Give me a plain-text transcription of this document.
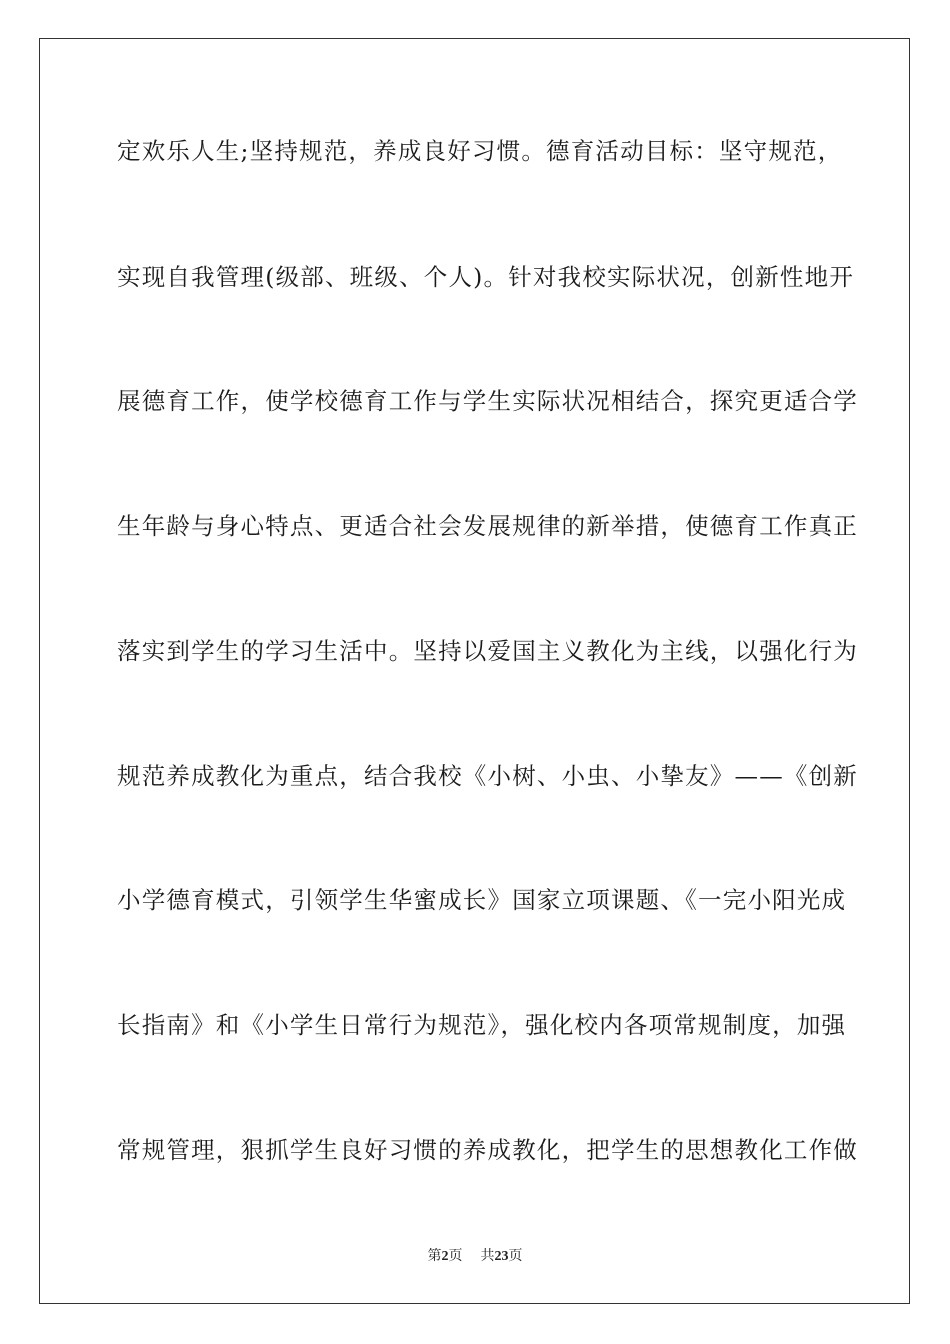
定欢乐人生;坚持规范，养成良好习惯。德育活动目标：坚守规范，
实现自我管理(级部、班级、个人)。针对我校实际状况，创新性地开
展德育工作，使学校德育工作与学生实际状况相结合，探究更适合学
生年龄与身心特点、更适合社会发展规律的新举措，使德育工作真正
落实到学生的学习生活中。坚持以爱国主义教化为主线，以强化行为
规范养成教化为重点，结合我校《小树、小虫、小挚友》——《创新
小学德育模式，引领学生华蜜成长》国家立项课题、《一完小阳光成
长指南》和《小学生日常行为规范》，强化校内各项常规制度，加强
常规管理，狠抓学生良好习惯的养成教化，把学生的思想教化工作做
第2页 共23页
